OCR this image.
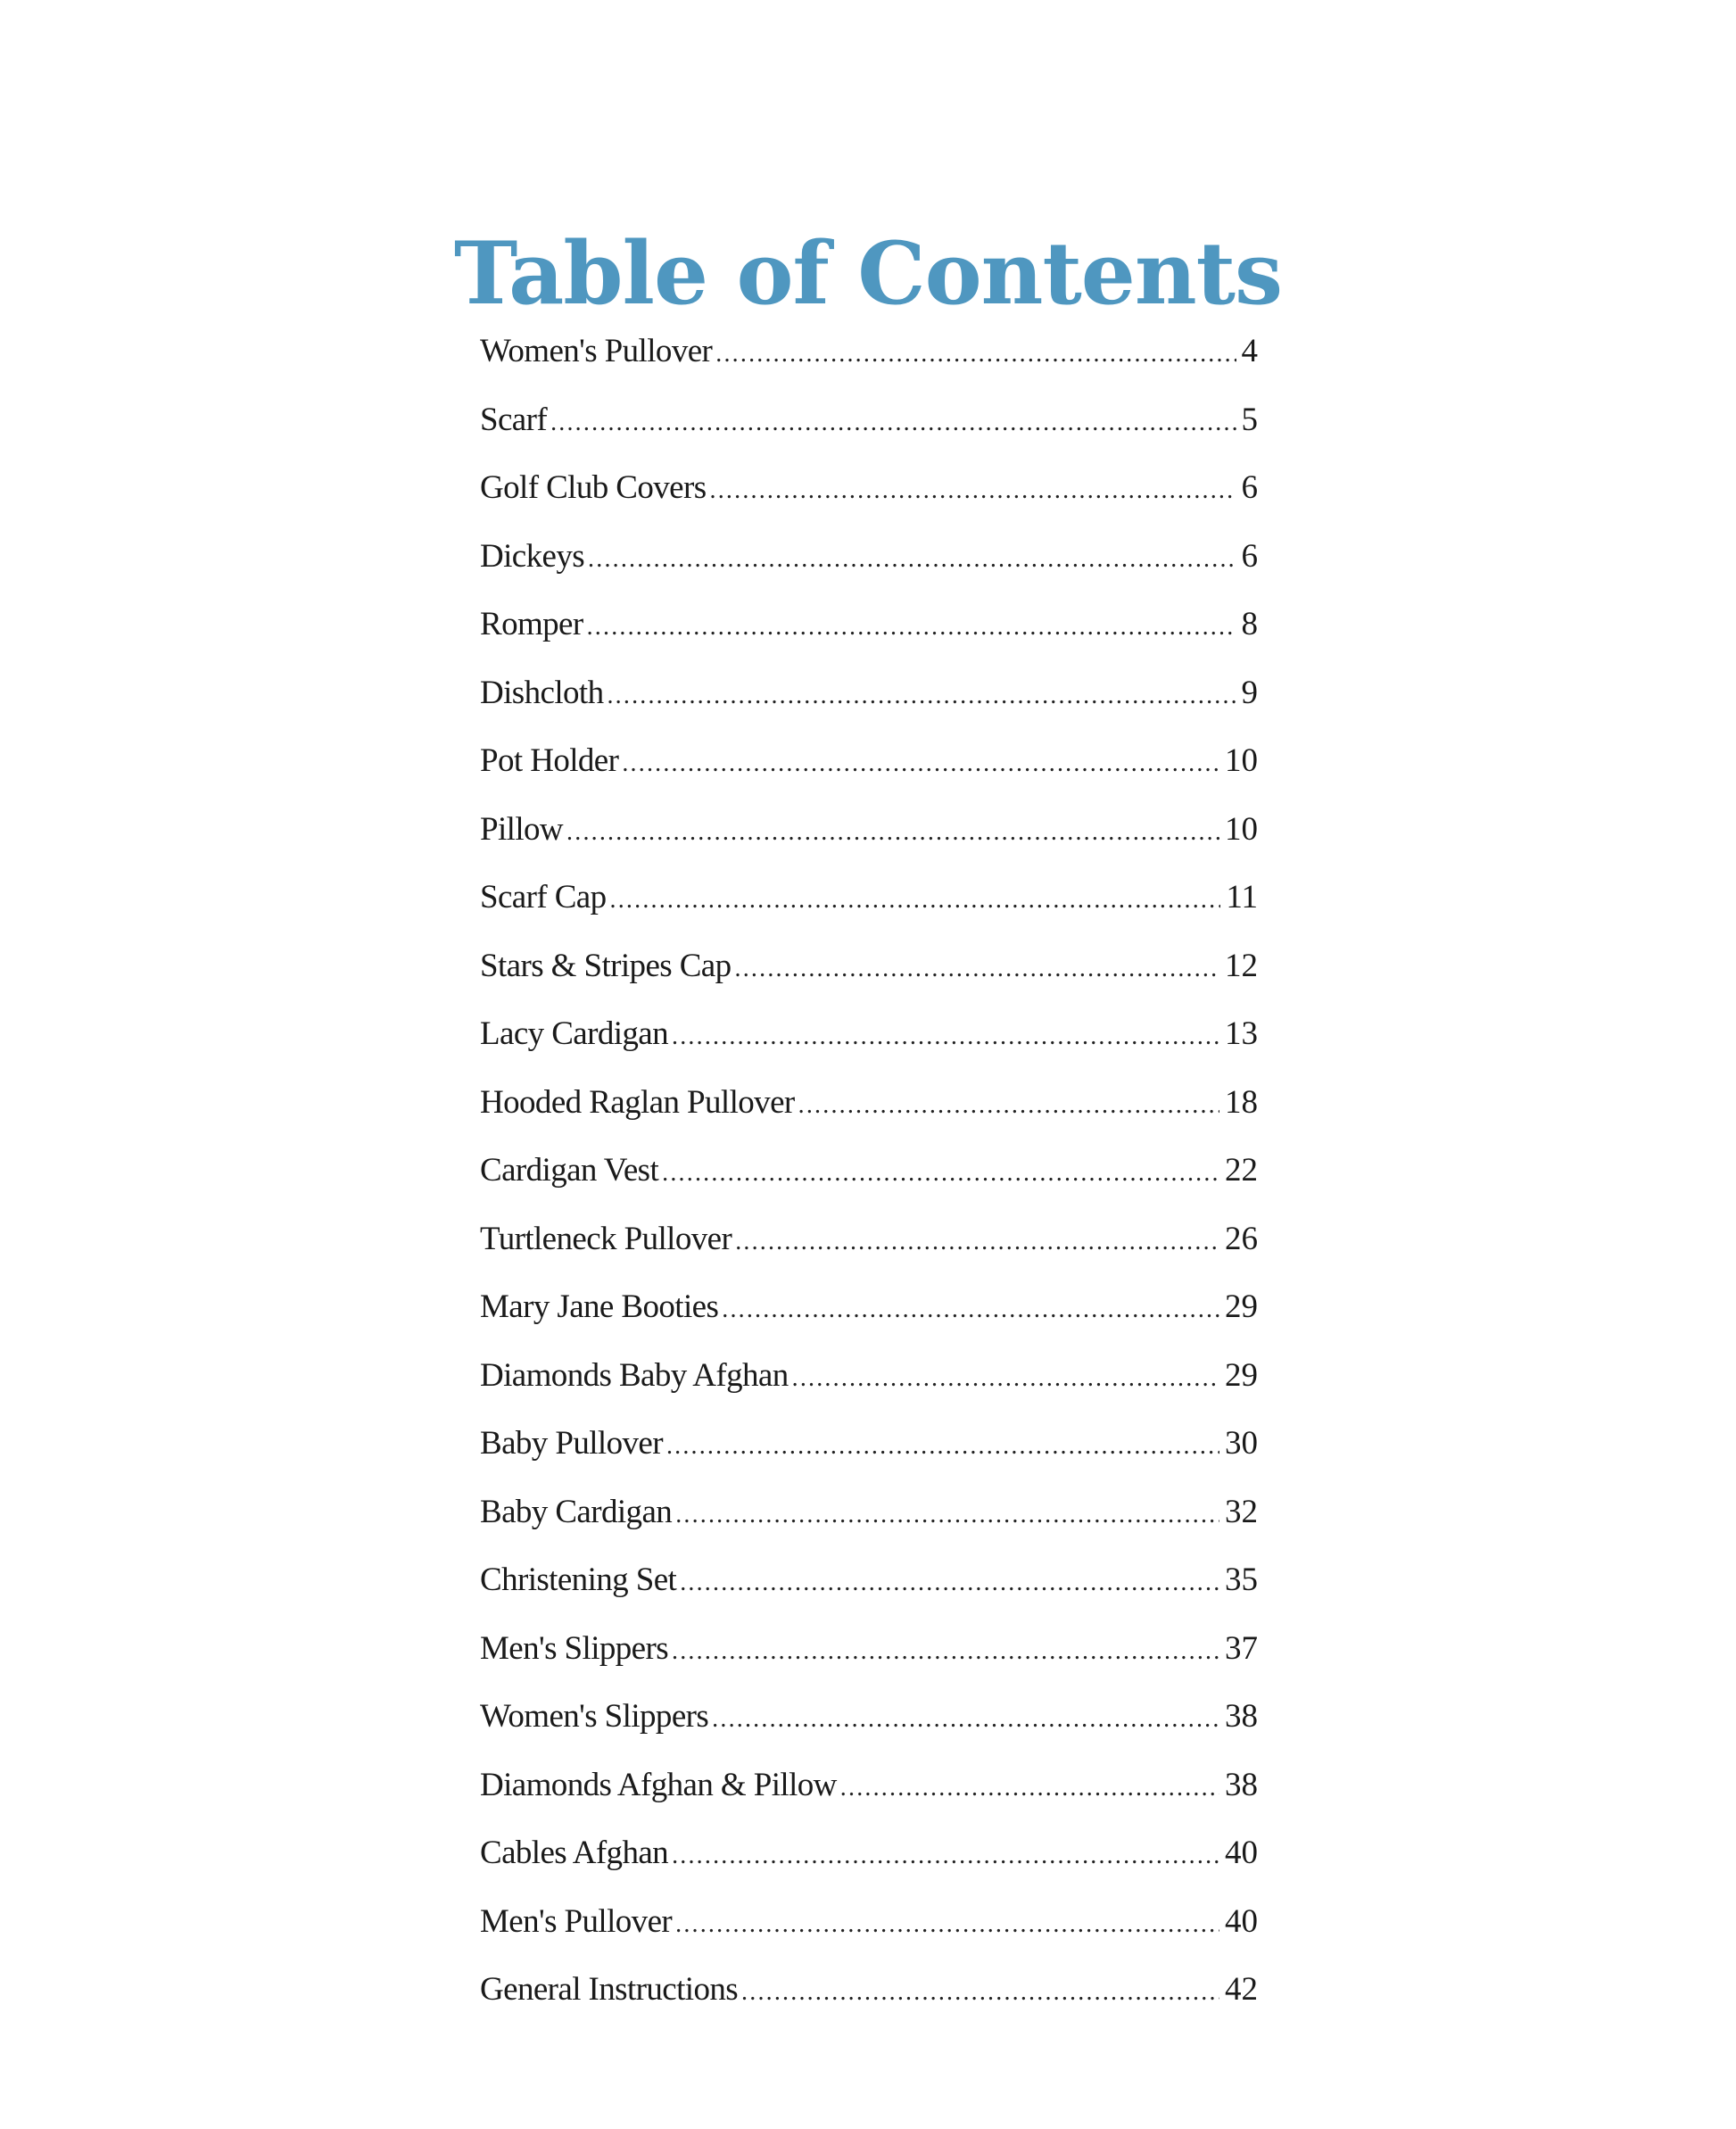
Table of Contents
Women's Pullover .....	4
Scarf .....	5
Golf Club Covers .....	6
Dickeys .....	6
Romper .....	8
Dishcloth .....	9
Pot Holder .....	10
Pillow .....	10
Scarf Cap .....	11
Stars & Stripes Cap .....	12
Lacy Cardigan .....	13
Hooded Raglan Pullover .....	18
Cardigan Vest .....	22
Turtleneck Pullover .....	26
Mary Jane Booties .....	29
Diamonds Baby Afghan .....	29
Baby Pullover .....	30
Baby Cardigan .....	32
Christening Set .....	35
Men's Slippers .....	37
Women's Slippers .....	38
Diamonds Afghan & Pillow .....	38
Cables Afghan .....	40
Men's Pullover .....	40
General Instructions .....	42
